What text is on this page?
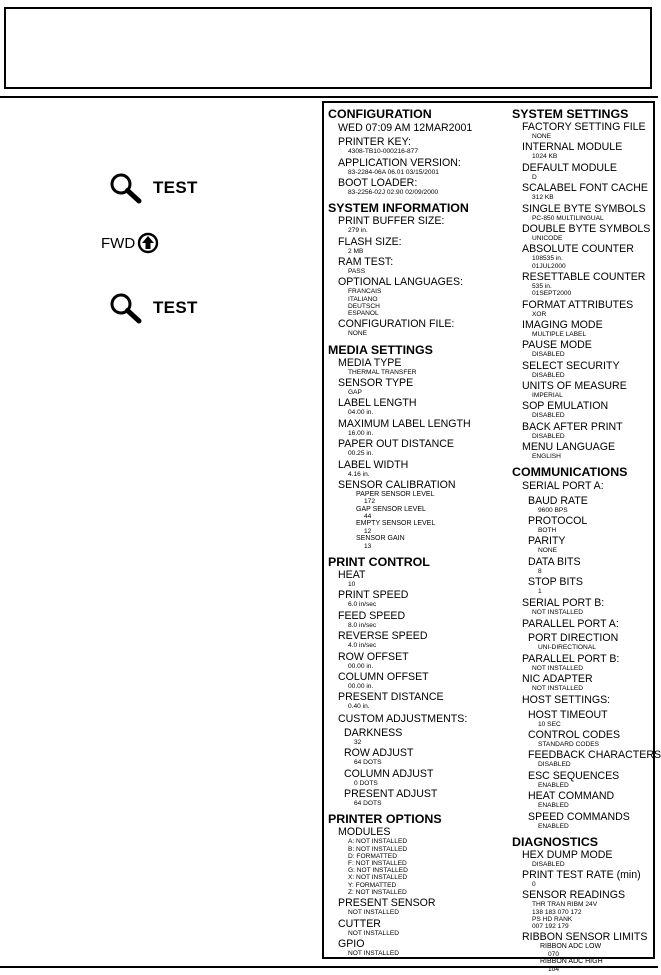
TEST
FWD
TEST
CONFIGURATION
WED 07:09 AM 12MAR2001
PRINTER KEY:
4308-TB10-000216-877
APPLICATION VERSION:
83-2284-06A 06.01 03/15/2001
BOOT LOADER:
83-2256-02J 02.90 02/09/2000
SYSTEM INFORMATION
PRINT BUFFER SIZE:
279 in.
FLASH SIZE:
2 MB
RAM TEST:
PASS
OPTIONAL LANGUAGES:
FRANCAIS
ITALIANO
DEUTSCH
ESPANOL
CONFIGURATION FILE:
NONE
MEDIA SETTINGS
MEDIA TYPE
THERMAL TRANSFER
SENSOR TYPE
GAP
LABEL LENGTH
04.00 in.
MAXIMUM LABEL LENGTH
16.00 in.
PAPER OUT DISTANCE
00.25 in.
LABEL WIDTH
4.16 in.
SENSOR CALIBRATION
PAPER SENSOR LEVEL
172
GAP SENSOR LEVEL
44
EMPTY SENSOR LEVEL
12
SENSOR GAIN
13
PRINT CONTROL
HEAT
10
PRINT SPEED
6.0 in/sec
FEED SPEED
8.0 in/sec
REVERSE SPEED
4.0 in/sec
ROW OFFSET
00.00 in.
COLUMN OFFSET
00.00 in.
PRESENT DISTANCE
0.40 in.
CUSTOM ADJUSTMENTS:
DARKNESS
32
ROW ADJUST
64 DOTS
COLUMN ADJUST
0 DOTS
PRESENT ADJUST
64 DOTS
PRINTER OPTIONS
MODULES
A: NOT INSTALLED
B: NOT INSTALLED
D: FORMATTED
F: NOT INSTALLED
G: NOT INSTALLED
X: NOT INSTALLED
Y: FORMATTED
Z: NOT INSTALLED
PRESENT SENSOR
NOT INSTALLED
CUTTER
NOT INSTALLED
GPIO
NOT INSTALLED
SYSTEM SETTINGS
FACTORY SETTING FILE
NONE
INTERNAL MODULE
1024 KB
DEFAULT MODULE
D
SCALABEL FONT CACHE
312 KB
SINGLE BYTE SYMBOLS
PC-850 MULTILINGUAL
DOUBLE BYTE SYMBOLS
UNICODE
ABSOLUTE COUNTER
108535 in.
01JUL2000
RESETTABLE COUNTER
535 in.
01SEPT2000
FORMAT ATTRIBUTES
XOR
IMAGING MODE
MULTIPLE LABEL
PAUSE MODE
DISABLED
SELECT SECURITY
DISABLED
UNITS OF MEASURE
IMPERIAL
SOP EMULATION
DISABLED
BACK AFTER PRINT
DISABLED
MENU LANGUAGE
ENGLISH
COMMUNICATIONS
SERIAL PORT A:
BAUD RATE
9600 BPS
PROTOCOL
BOTH
PARITY
NONE
DATA BITS
8
STOP BITS
1
SERIAL PORT B:
NOT INSTALLED
PARALLEL PORT A:
PORT DIRECTION
UNI-DIRECTIONAL
PARALLEL PORT B:
NOT INSTALLED
NIC ADAPTER
NOT INSTALLED
HOST SETTINGS:
HOST TIMEOUT
10 SEC
CONTROL CODES
STANDARD CODES
FEEDBACK CHARACTERS
DISABLED
ESC SEQUENCES
ENABLED
HEAT COMMAND
ENABLED
SPEED COMMANDS
ENABLED
DIAGNOSTICS
HEX DUMP MODE
DISABLED
PRINT TEST RATE (min)
0
SENSOR READINGS
THR TRAN RIBM 24V
138 183 070 172
PS HD RANK
007 192 179
RIBBON SENSOR LIMITS
RIBBON ADC LOW
070
RIBBON ADC HIGH
104
